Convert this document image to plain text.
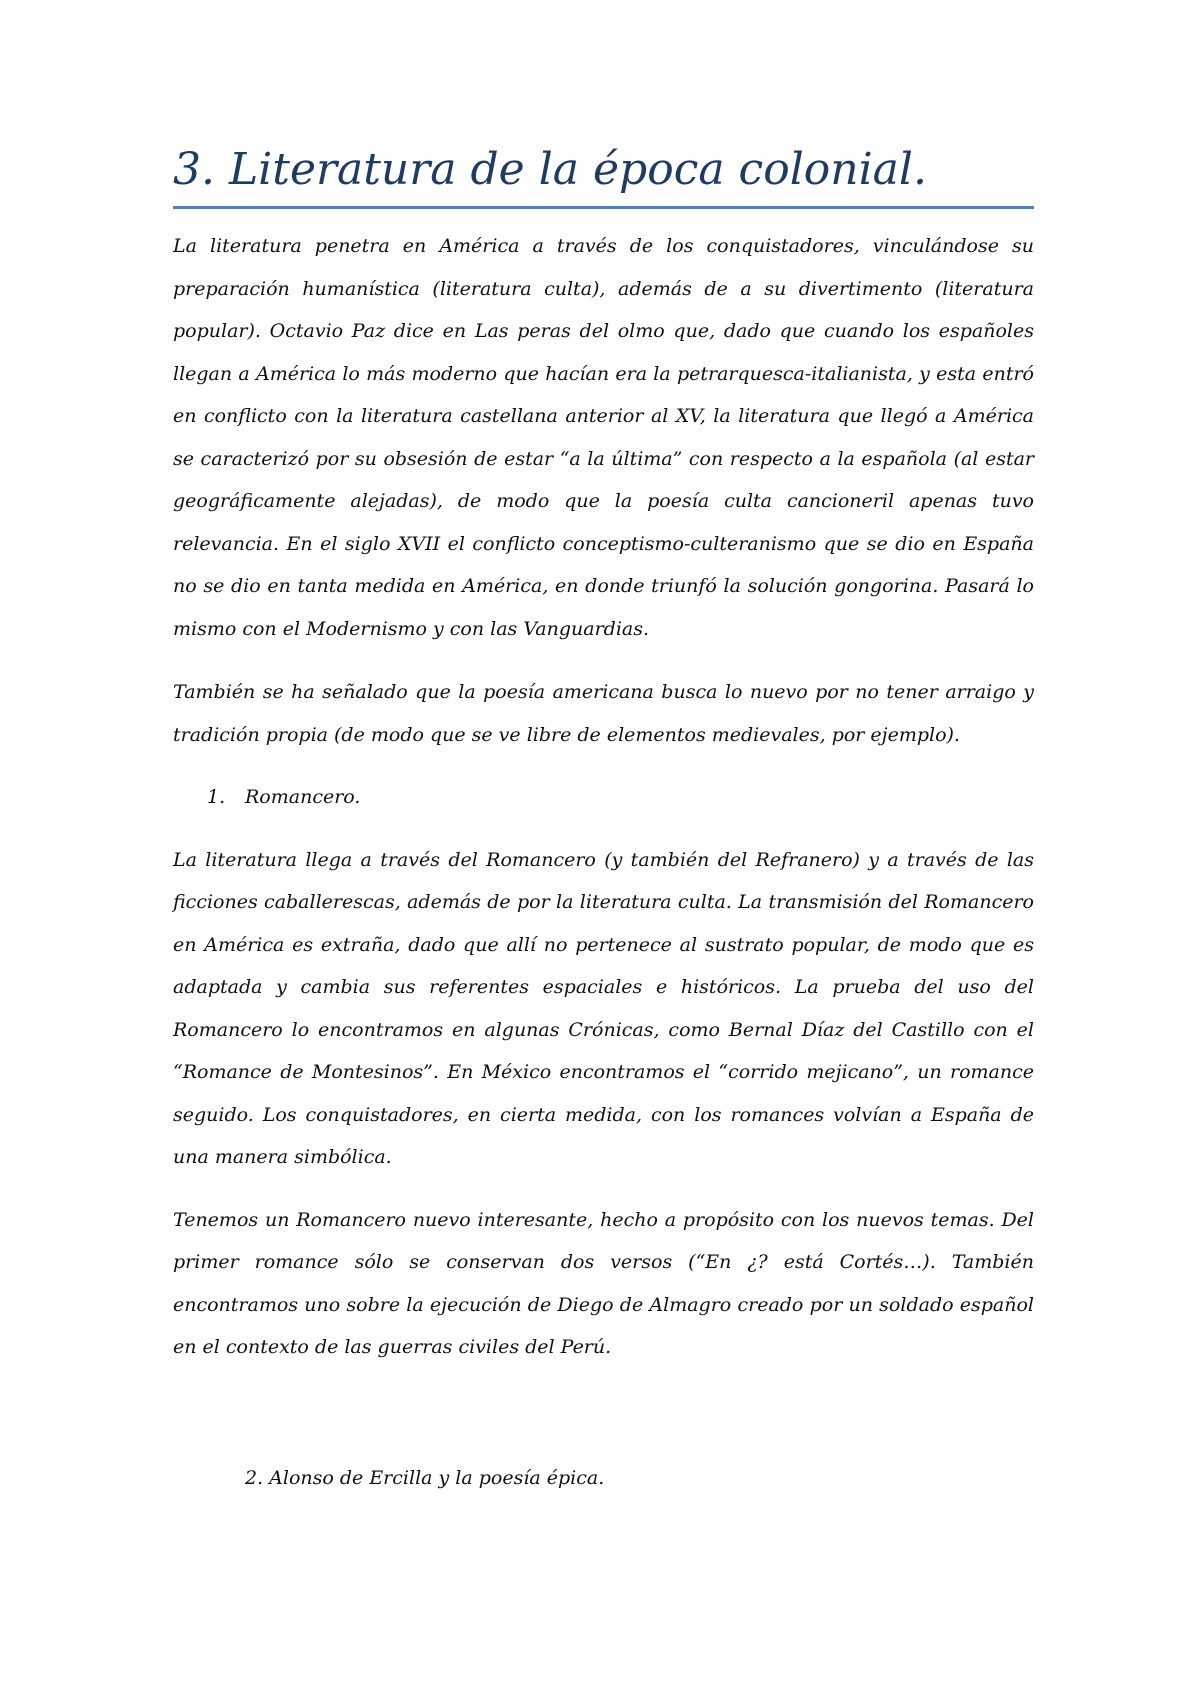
3. Literatura de la época colonial.

La literatura penetra en América a través de los conquistadores, vinculándose su preparación humanística (literatura culta), además de a su divertimento (literatura popular). Octavio Paz dice en Las peras del olmo que, dado que cuando los españoles llegan a América lo más moderno que hacían era la petrarquesca-italianista, y esta entró en conflicto con la literatura castellana anterior al XV, la literatura que llegó a América se caracterizó por su obsesión de estar “a la última” con respecto a la española (al estar geográficamente alejadas), de modo que la poesía culta cancioneril apenas tuvo relevancia. En el siglo XVII el conflicto conceptismo-culteranismo que se dio en España no se dio en tanta medida en América, en donde triunfó la solución gongorina. Pasará lo mismo con el Modernismo y con las Vanguardias.

También se ha señalado que la poesía americana busca lo nuevo por no tener arraigo y tradición propia (de modo que se ve libre de elementos medievales, por ejemplo).

1.	Romancero.

La literatura llega a través del Romancero (y también del Refranero) y a través de las ficciones caballerescas, además de por la literatura culta. La transmisión del Romancero en América es extraña, dado que allí no pertenece al sustrato popular, de modo que es adaptada y cambia sus referentes espaciales e históricos. La prueba del uso del Romancero lo encontramos en algunas Crónicas, como Bernal Díaz del Castillo con el “Romance de Montesinos”. En México encontramos el “corrido mejicano”, un romance seguido. Los conquistadores, en cierta medida, con los romances volvían a España de una manera simbólica.

Tenemos un Romancero nuevo interesante, hecho a propósito con los nuevos temas. Del primer romance sólo se conservan dos versos (“En ¿? está Cortés…). También encontramos uno sobre la ejecución de Diego de Almagro creado por un soldado español en el contexto de las guerras civiles del Perú.

2. Alonso de Ercilla y la poesía épica.
